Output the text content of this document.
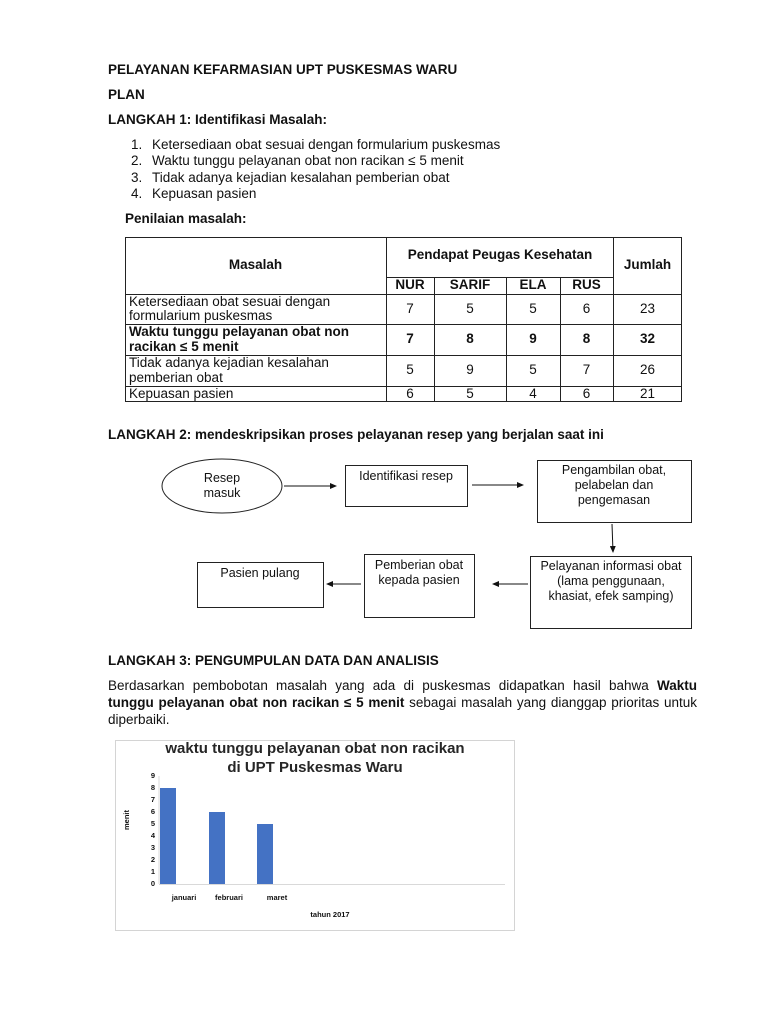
PELAYANAN KEFARMASIAN UPT PUSKESMAS WARU
PLAN
LANGKAH 1: Identifikasi Masalah:
1. Ketersediaan obat sesuai dengan formularium puskesmas
2. Waktu tunggu pelayanan obat non racikan ≤ 5 menit
3. Tidak adanya kejadian kesalahan pemberian obat
4. Kepuasan pasien
Penilaian masalah:
Masalah
Pendapat Peugas Kesehatan
Jumlah
NUR	SARIF	ELA	RUS
Ketersediaan obat sesuai dengan formularium puskesmas	7	5	5	6	23
Waktu tunggu pelayanan obat non racikan ≤ 5 menit	7	8	9	8	32
Tidak adanya kejadian kesalahan pemberian obat	5	9	5	7	26
Kepuasan pasien	6	5	4	6	21
LANGKAH 2: mendeskripsikan proses pelayanan resep yang berjalan saat ini
Resep masuk
Identifikasi resep	Pengambilan obat, pelabelan dan pengemasan
Pelayanan informasi obat (lama penggunaan, khasiat, efek samping)
Pemberian obat kepada pasien
Pasien pulang
LANGKAH 3: PENGUMPULAN DATA DAN ANALISIS
Berdasarkan pembobotan masalah yang ada di puskesmas didapatkan hasil bahwa Waktu tunggu pelayanan obat non racikan ≤ 5 menit sebagai masalah yang dianggap prioritas untuk diperbaiki.
waktu tunggu pelayanan obat non racikan
di UPT Puskesmas Waru
menit
tahun 2017
0
1
2
3
4
5
6
7
8
9
januari	februari	maret
